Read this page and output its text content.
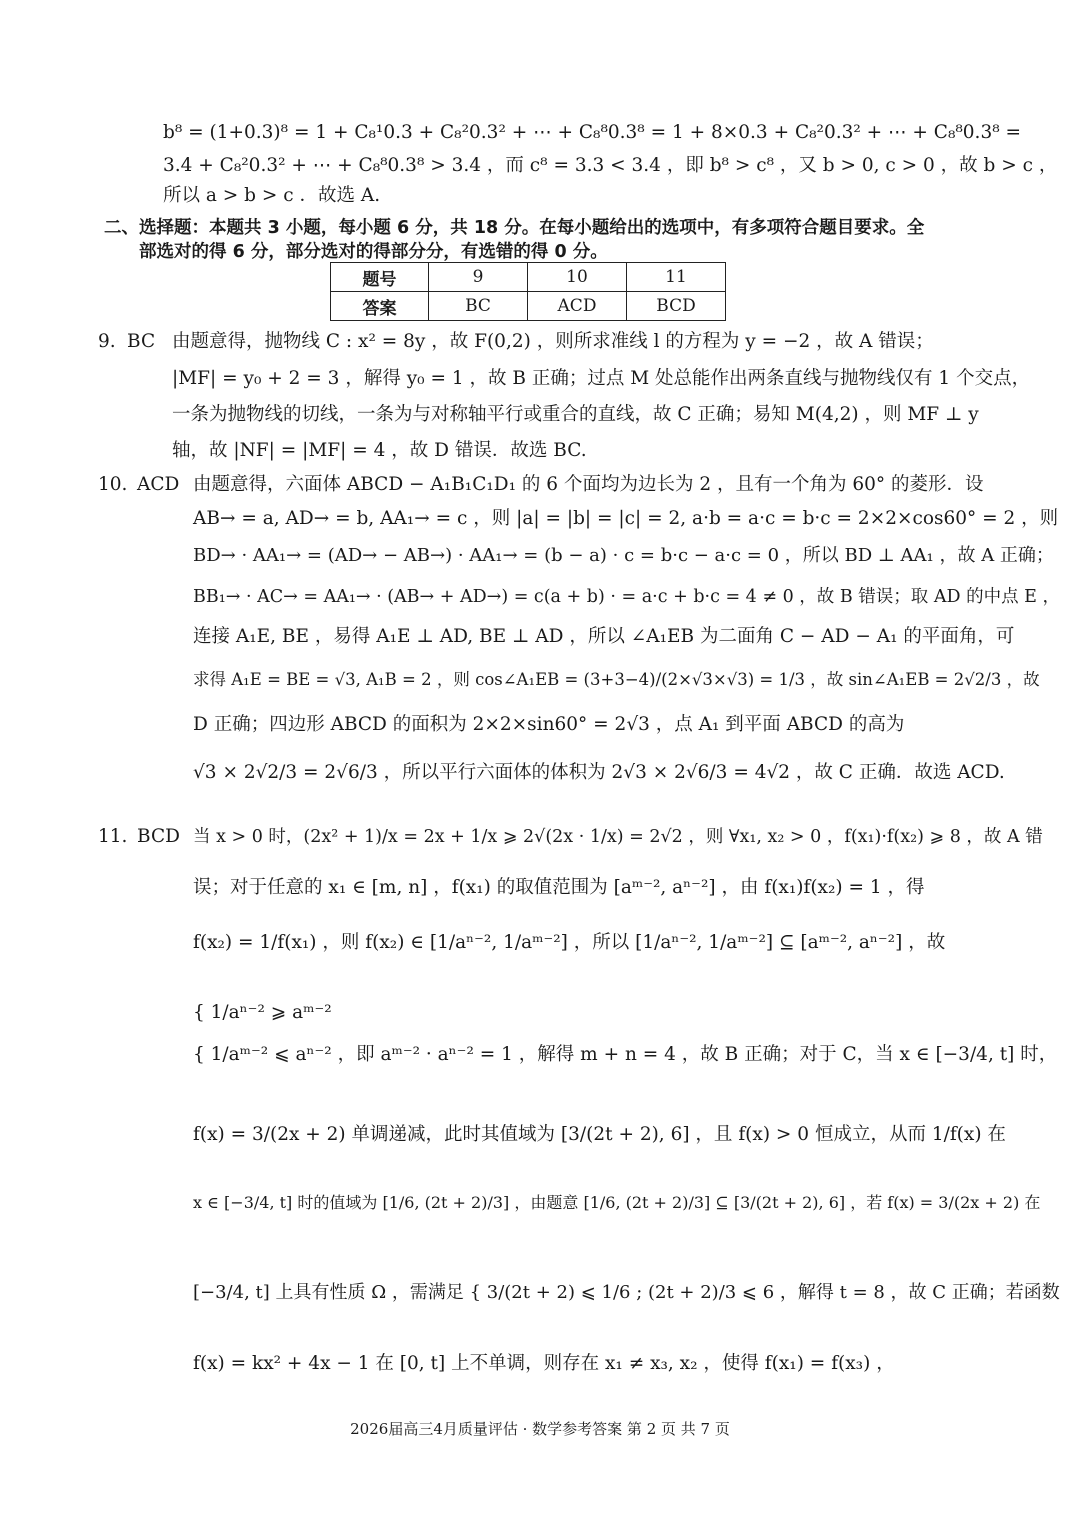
b⁸ = (1+0.3)⁸ = 1 + C₈¹0.3 + C₈²0.3² + ⋯ + C₈⁸0.3⁸ = 1 + 8×0.3 + C₈²0.3² + ⋯ + C₈⁸0.3⁸ =
3.4 + C₈²0.3² + ⋯ + C₈⁸0.3⁸ > 3.4 ，而 c⁸ = 3.3 < 3.4 ，即 b⁸ > c⁸ ，又 b > 0, c > 0 ，故 b > c ，
所以 a > b > c ．故选 A.
二、选择题：本题共 3 小题，每小题 6 分，共 18 分。在每小题给出的选项中，有多项符合题目要求。全
部选对的得 6 分，部分选对的得部分分，有选错的得 0 分。
题号	9	10	11
答案	BC	ACD	BCD
9. BC 由题意得，抛物线 C : x² = 8y ，故 F(0,2) ，则所求准线 l 的方程为 y = −2 ，故 A 错误；
|MF| = y₀ + 2 = 3 ，解得 y₀ = 1 ，故 B 正确；过点 M 处总能作出两条直线与抛物线仅有 1 个交点，
一条为抛物线的切线，一条为与对称轴平行或重合的直线，故 C 正确；易知 M(4,2) ，则 MF ⊥ y
轴，故 |NF| = |MF| = 4 ，故 D 错误．故选 BC.
10. ACD 由题意得，六面体 ABCD − A₁B₁C₁D₁ 的 6 个面均为边长为 2 ，且有一个角为 60° 的菱形．设
AB→ = a, AD→ = b, AA₁→ = c ，则 |a| = |b| = |c| = 2, a·b = a·c = b·c = 2×2×cos60° = 2 ，则
BD→ · AA₁→ = (AD→ − AB→) · AA₁→ = (b − a) · c = b·c − a·c = 0 ，所以 BD ⊥ AA₁ ，故 A 正确；
BB₁→ · AC→ = AA₁→ · (AB→ + AD→) = c(a + b) · = a·c + b·c = 4 ≠ 0 ，故 B 错误；取 AD 的中点 E ，
连接 A₁E, BE ，易得 A₁E ⊥ AD, BE ⊥ AD ，所以 ∠A₁EB 为二面角 C − AD − A₁ 的平面角，可
求得 A₁E = BE = √3, A₁B = 2 ，则 cos∠A₁EB = (3+3−4)/(2×√3×√3) = 1/3 ，故 sin∠A₁EB = 2√2/3 ，故
D 正确；四边形 ABCD 的面积为 2×2×sin60° = 2√3 ，点 A₁ 到平面 ABCD 的高为
√3 × 2√2/3 = 2√6/3 ，所以平行六面体的体积为 2√3 × 2√6/3 = 4√2 ，故 C 正确．故选 ACD.
11. BCD 当 x > 0 时，(2x² + 1)/x = 2x + 1/x ⩾ 2√(2x · 1/x) = 2√2 ，则 ∀x₁, x₂ > 0 ，f(x₁)·f(x₂) ⩾ 8 ，故 A 错
误；对于任意的 x₁ ∈ [m, n] ，f(x₁) 的取值范围为 [aᵐ⁻², aⁿ⁻²] ，由 f(x₁)f(x₂) = 1 ，得
f(x₂) = 1/f(x₁) ，则 f(x₂) ∈ [1/aⁿ⁻², 1/aᵐ⁻²] ，所以 [1/aⁿ⁻², 1/aᵐ⁻²] ⊆ [aᵐ⁻², aⁿ⁻²] ，故
{ 1/aⁿ⁻² ⩾ aᵐ⁻²
{ 1/aᵐ⁻² ⩽ aⁿ⁻² ，即 aᵐ⁻² · aⁿ⁻² = 1 ，解得 m + n = 4 ，故 B 正确；对于 C，当 x ∈ [−3/4, t] 时，
f(x) = 3/(2x + 2) 单调递减，此时其值域为 [3/(2t + 2), 6] ，且 f(x) > 0 恒成立，从而 1/f(x) 在
x ∈ [−3/4, t] 时的值域为 [1/6, (2t + 2)/3] ，由题意 [1/6, (2t + 2)/3] ⊆ [3/(2t + 2), 6] ，若 f(x) = 3/(2x + 2) 在
[−3/4, t] 上具有性质 Ω ，需满足 { 3/(2t + 2) ⩽ 1/6 ; (2t + 2)/3 ⩽ 6 ，解得 t = 8 ，故 C 正确；若函数
f(x) = kx² + 4x − 1 在 [0, t] 上不单调，则存在 x₁ ≠ x₃, x₂ ，使得 f(x₁) = f(x₃) ，
2026届高三4月质量评估 · 数学参考答案 第 2 页 共 7 页
